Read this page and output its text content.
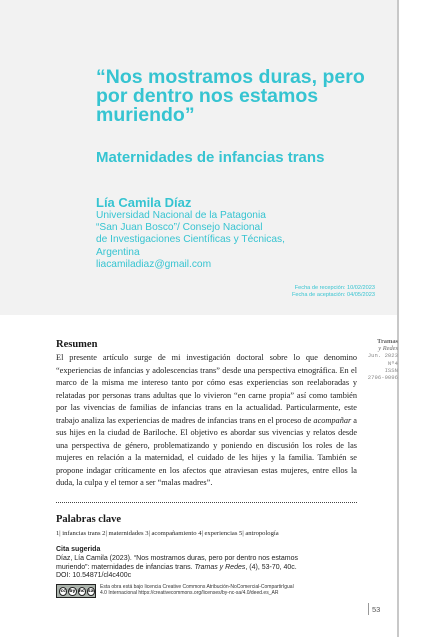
“Nos mostramos duras, pero por dentro nos estamos muriendo”
Maternidades de infancias trans
Lía Camila Díaz
Universidad Nacional de la Patagonia
“San Juan Bosco”/ Consejo Nacional
de Investigaciones Científicas y Técnicas,
Argentina
liacamiladiaz@gmail.com
Fecha de recepción: 10/02/2023
Fecha de aceptación: 04/05/2023
Tramas
y Redes
Jun. 2023
Nº4
ISSN
2796-9096
Resumen

El presente artículo surge de mi investigación doctoral sobre lo que denomino “experiencias de infancias y adolescencias trans” desde una perspectiva etnográfica. En el marco de la misma me intereso tanto por cómo esas experiencias son reelaboradas y relatadas por personas trans adultas que lo vivieron “en carne propia” así como también por las vivencias de familias de infancias trans en la actualidad. Particularmente, este trabajo analiza las experiencias de madres de infancias trans en el proceso de acompañar a sus hijes en la ciudad de Bariloche. El objetivo es abordar sus vivencias y relatos desde una perspectiva de género, problematizando y poniendo en discusión los roles de las mujeres en relación a la maternidad, el cuidado de les hijes y la familia. También se propone indagar críticamente en los afectos que atraviesan estas mujeres, entre ellos la duda, la culpa y el temor a ser “malas madres”.

Palabras clave
1| infancias trans 2| maternidades 3| acompañamiento 4| experiencias 5| antropología
Cita sugerida
Díaz, Lía Camila (2023). “Nos mostramos duras, pero por dentro nos estamos
muriendo”: maternidades de infancias trans. Tramas y Redes, (4), 53-70, 40c.
DOI: 10.54871/cl4c400c
cc by nc sa
Esta obra está bajo licencia Creative Commons Atribución-NoComercial-CompartirIgual
4.0 Internacional https://creativecommons.org/licenses/by-nc-sa/4.0/deed.es_AR
53
